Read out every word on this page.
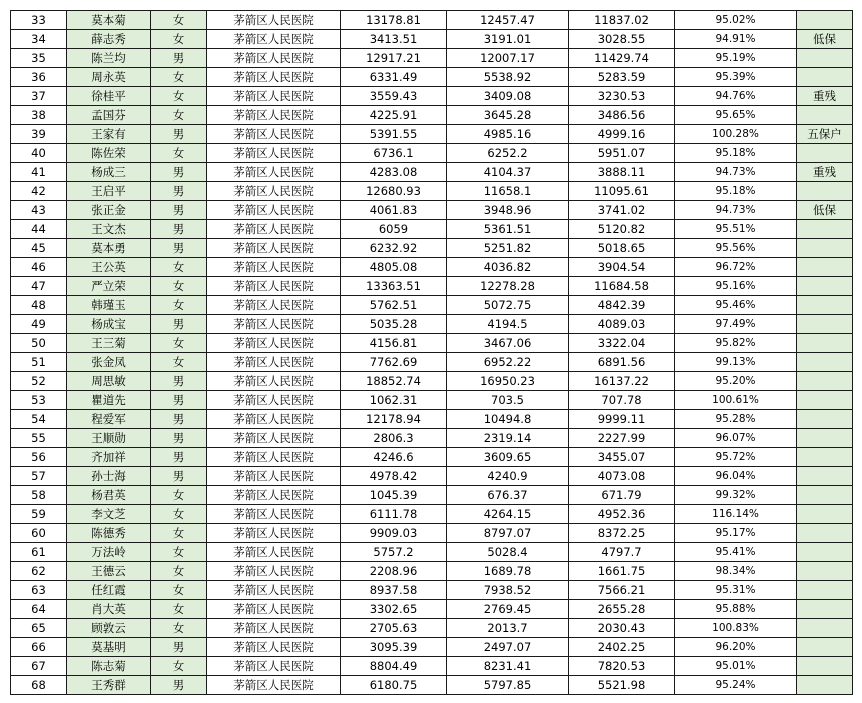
33	莫本菊	女	茅箭区人民医院	13178.81	12457.47	11837.02	95.02%	
34	薛志秀	女	茅箭区人民医院	3413.51	3191.01	3028.55	94.91%	低保
35	陈兰均	男	茅箭区人民医院	12917.21	12007.17	11429.74	95.19%	
36	周永英	女	茅箭区人民医院	6331.49	5538.92	5283.59	95.39%	
37	徐桂平	女	茅箭区人民医院	3559.43	3409.08	3230.53	94.76%	重残
38	孟国芬	女	茅箭区人民医院	4225.91	3645.28	3486.56	95.65%	
39	王家有	男	茅箭区人民医院	5391.55	4985.16	4999.16	100.28%	五保户
40	陈佐荣	女	茅箭区人民医院	6736.1	6252.2	5951.07	95.18%	
41	杨成三	男	茅箭区人民医院	4283.08	4104.37	3888.11	94.73%	重残
42	王启平	男	茅箭区人民医院	12680.93	11658.1	11095.61	95.18%	
43	张正金	男	茅箭区人民医院	4061.83	3948.96	3741.02	94.73%	低保
44	王文杰	男	茅箭区人民医院	6059	5361.51	5120.82	95.51%	
45	莫本勇	男	茅箭区人民医院	6232.92	5251.82	5018.65	95.56%	
46	王公英	女	茅箭区人民医院	4805.08	4036.82	3904.54	96.72%	
47	严立荣	女	茅箭区人民医院	13363.51	12278.28	11684.58	95.16%	
48	韩瑾玉	女	茅箭区人民医院	5762.51	5072.75	4842.39	95.46%	
49	杨成宝	男	茅箭区人民医院	5035.28	4194.5	4089.03	97.49%	
50	王三菊	女	茅箭区人民医院	4156.81	3467.06	3322.04	95.82%	
51	张金凤	女	茅箭区人民医院	7762.69	6952.22	6891.56	99.13%	
52	周思敏	男	茅箭区人民医院	18852.74	16950.23	16137.22	95.20%	
53	瞿道先	男	茅箭区人民医院	1062.31	703.5	707.78	100.61%	
54	程爱军	男	茅箭区人民医院	12178.94	10494.8	9999.11	95.28%	
55	王顺勋	男	茅箭区人民医院	2806.3	2319.14	2227.99	96.07%	
56	齐加祥	男	茅箭区人民医院	4246.6	3609.65	3455.07	95.72%	
57	孙士海	男	茅箭区人民医院	4978.42	4240.9	4073.08	96.04%	
58	杨君英	女	茅箭区人民医院	1045.39	676.37	671.79	99.32%	
59	李文芝	女	茅箭区人民医院	6111.78	4264.15	4952.36	116.14%	
60	陈德秀	女	茅箭区人民医院	9909.03	8797.07	8372.25	95.17%	
61	万法岭	女	茅箭区人民医院	5757.2	5028.4	4797.7	95.41%	
62	王德云	女	茅箭区人民医院	2208.96	1689.78	1661.75	98.34%	
63	任红霞	女	茅箭区人民医院	8937.58	7938.52	7566.21	95.31%	
64	肖大英	女	茅箭区人民医院	3302.65	2769.45	2655.28	95.88%	
65	顾敦云	女	茅箭区人民医院	2705.63	2013.7	2030.43	100.83%	
66	莫基明	男	茅箭区人民医院	3095.39	2497.07	2402.25	96.20%	
67	陈志菊	女	茅箭区人民医院	8804.49	8231.41	7820.53	95.01%	
68	王秀群	男	茅箭区人民医院	6180.75	5797.85	5521.98	95.24%	
